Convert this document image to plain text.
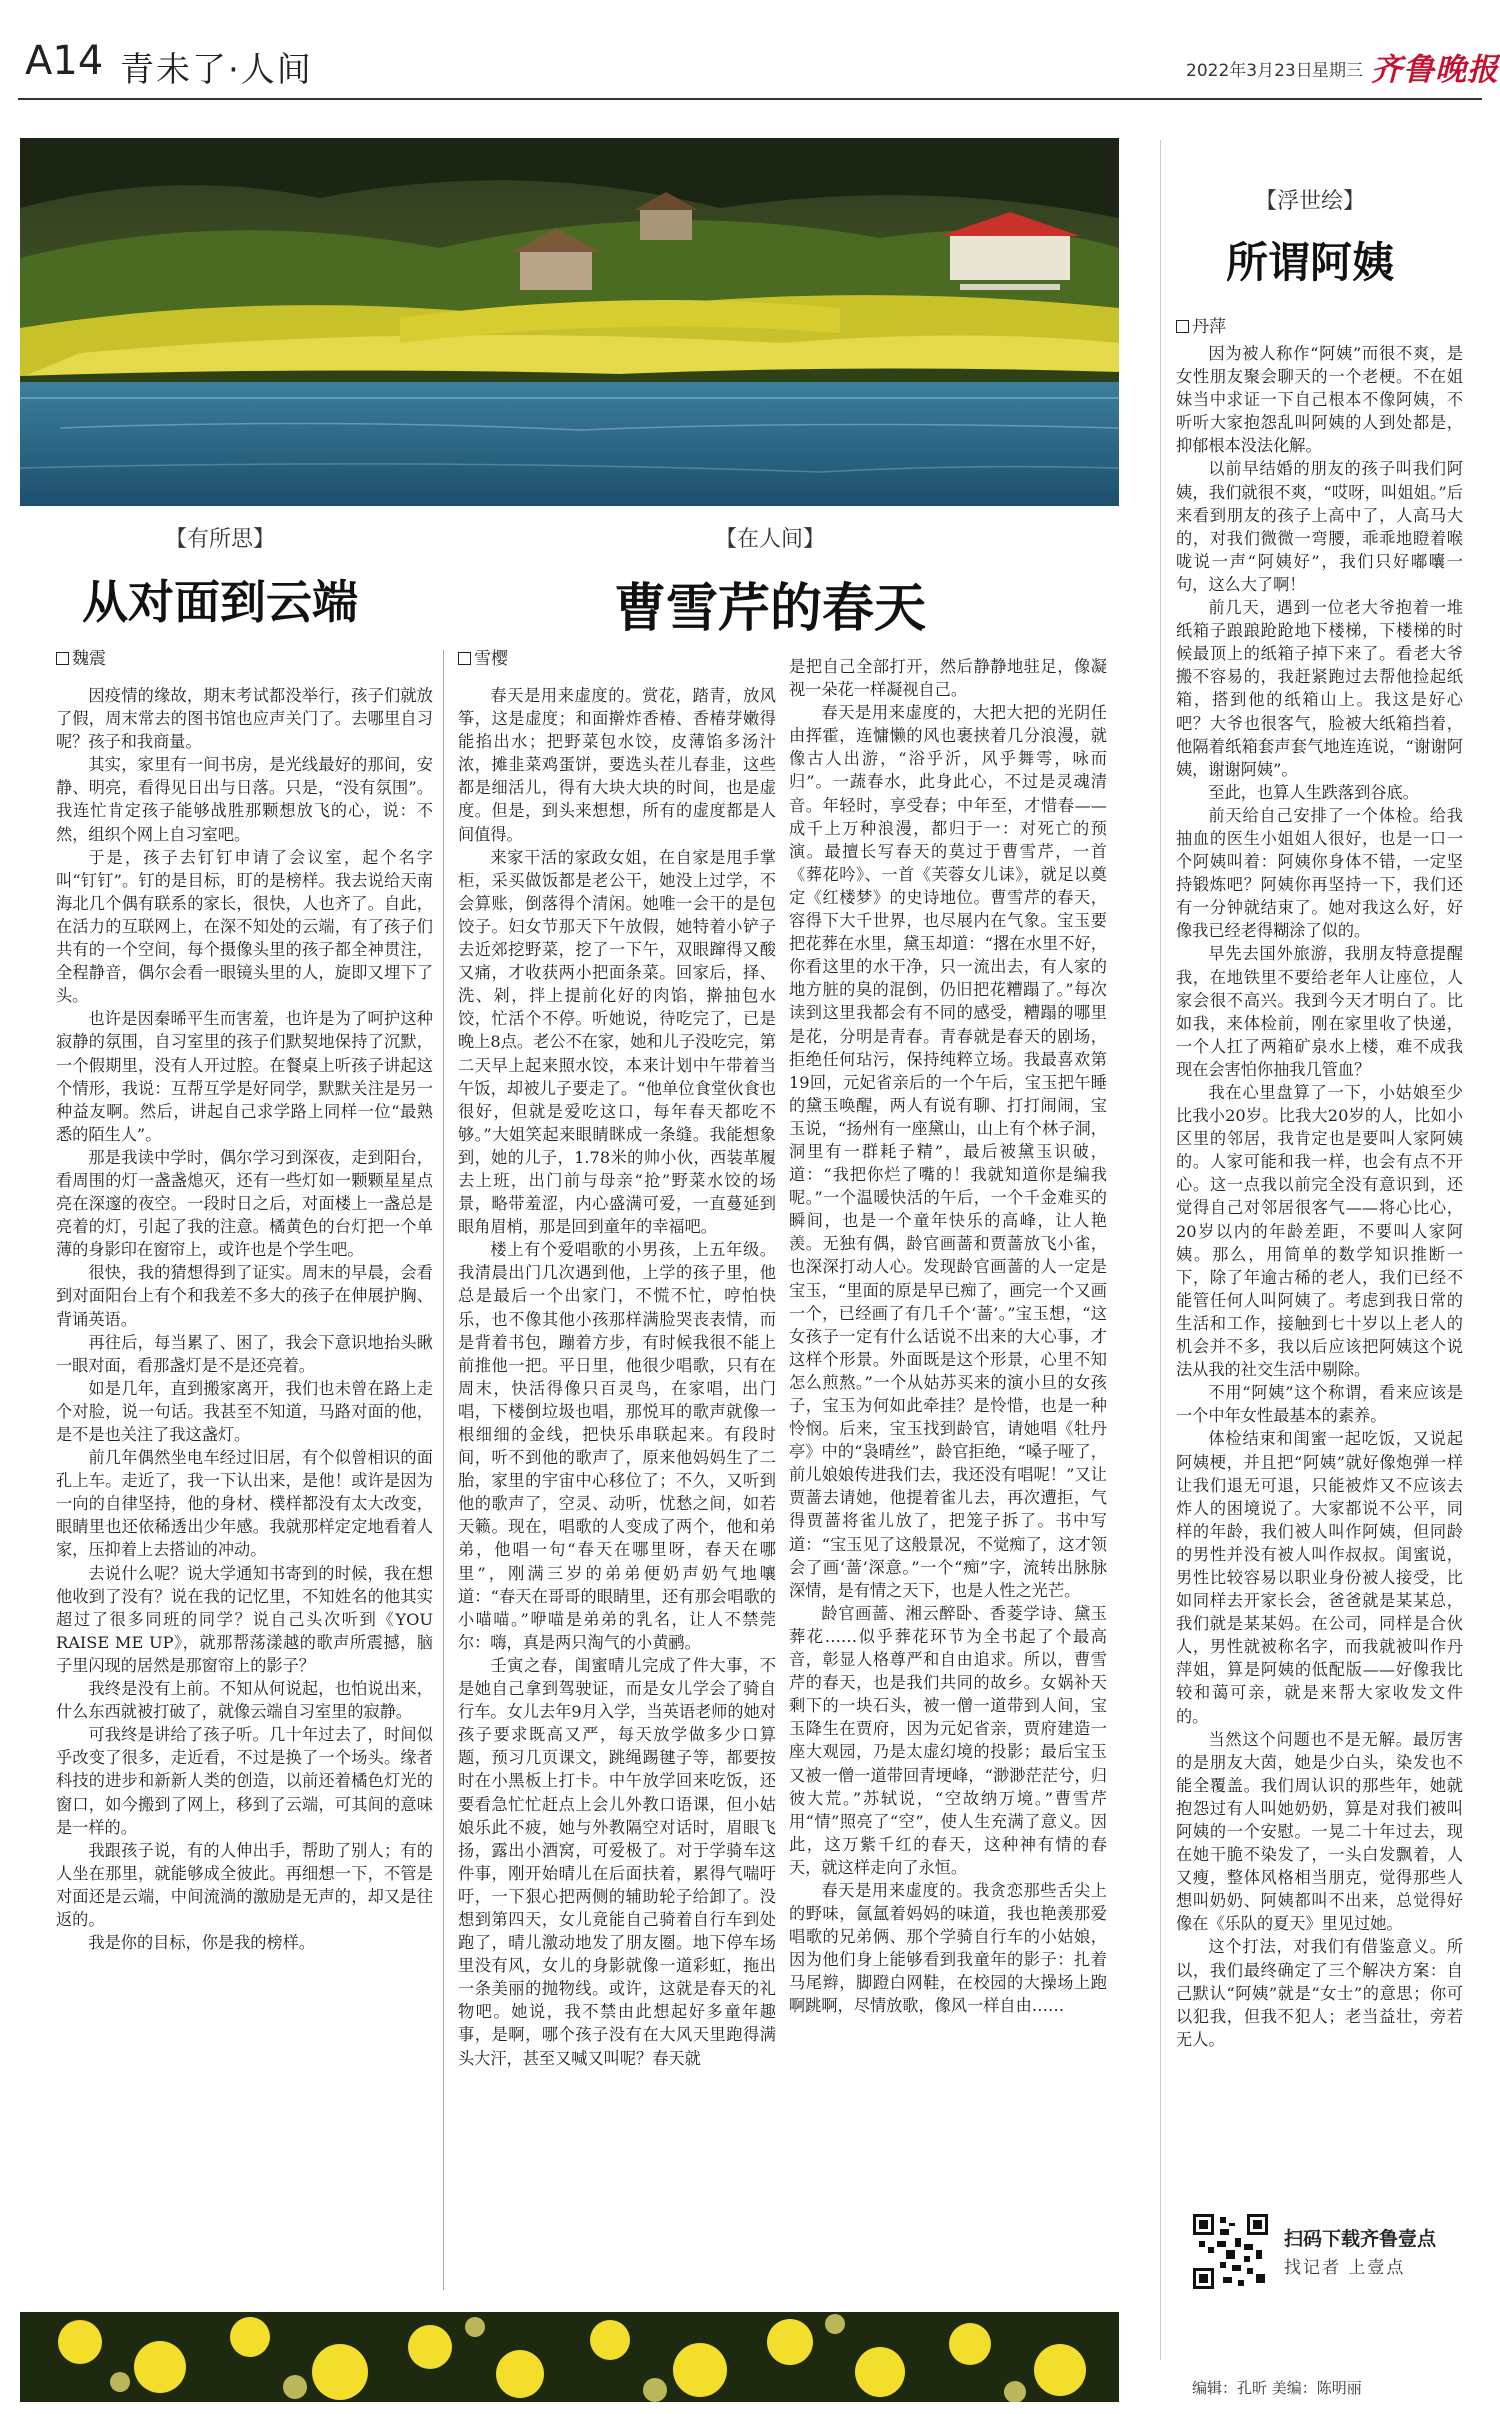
A14 青未了·人间	2022年3月23日 星期三 齐鲁晚报
【有所思】
从对面到云端
魏震

因疫情的缘故，期末考试都没举行，孩子们就放了假，周末常去的图书馆也应声关门了。去哪里自习呢？孩子和我商量。

其实，家里有一间书房，是光线最好的那间，安静、明亮，看得见日出与日落。只是，“没有氛围”。我连忙肯定孩子能够战胜那颗想放飞的心，说：不然，组织个网上自习室吧。

于是，孩子去钉钉申请了会议室，起个名字叫“钉钉”。钉的是目标，盯的是榜样。我去说给天南海北几个偶有联系的家长，很快，人也齐了。自此，在活力的互联网上，在深不知处的云端，有了孩子们共有的一个空间，每个摄像头里的孩子都全神贯注，全程静音，偶尔会看一眼镜头里的人，旋即又埋下了头。

也许是因秦晞平生而害羞，也许是为了呵护这种寂静的氛围，自习室里的孩子们默契地保持了沉默，一个假期里，没有人开过腔。在餐桌上听孩子讲起这个情形，我说：互帮互学是好同学，默默关注是另一种益友啊。然后，讲起自己求学路上同样一位“最熟悉的陌生人”。

那是我读中学时，偶尔学习到深夜，走到阳台，看周围的灯一盏盏熄灭，还有一些灯如一颗颗星星点亮在深邃的夜空。一段时日之后，对面楼上一盏总是亮着的灯，引起了我的注意。橘黄色的台灯把一个单薄的身影印在窗帘上，或许也是个学生吧。

很快，我的猜想得到了证实。周末的早晨，会看到对面阳台上有个和我差不多大的孩子在伸展护胸、背诵英语。

再往后，每当累了、困了，我会下意识地抬头瞅一眼对面，看那盏灯是不是还亮着。

如是几年，直到搬家离开，我们也未曾在路上走个对脸，说一句话。我甚至不知道，马路对面的他，是不是也关注了我这盏灯。

前几年偶然坐电车经过旧居，有个似曾相识的面孔上车。走近了，我一下认出来，是他！或许是因为一向的自律坚持，他的身材、樸样都没有太大改变，眼睛里也还依稀透出少年感。我就那样定定地看着人家，压抑着上去搭讪的冲动。

去说什么呢？说大学通知书寄到的时候，我在想他收到了没有？说在我的记忆里，不知姓名的他其实超过了很多同班的同学？说自己头次听到《YOU RAISE ME UP》，就那帮荡漾越的歌声所震撼，脑子里闪现的居然是那窗帘上的影子？

我终是没有上前。不知从何说起，也怕说出来，什么东西就被打破了，就像云端自习室里的寂静。

可我终是讲给了孩子听。几十年过去了，时间似乎改变了很多，走近看，不过是换了一个场头。缘者科技的进步和新新人类的创造，以前还着橘色灯光的窗口，如今搬到了网上，移到了云端，可其间的意味是一样的。

我跟孩子说，有的人伸出手，帮助了别人；有的人坐在那里，就能够成全彼此。再细想一下，不管是对面还是云端，中间流淌的激励是无声的，却又是往返的。

我是你的目标，你是我的榜样。

【在人间】
曹雪芹的春天
雪樱

春天是用来虚度的。赏花，踏青，放风筝，这是虚度；和面擀炸香椿、香椿芽嫩得能掐出水；把野菜包水饺，皮薄馅多汤汁浓，摊韭菜鸡蛋饼，要选头茬儿春韭，这些都是细活儿，得有大块大块的时间，也是虚度。但是，到头来想想，所有的虚度都是人间值得。

来家干活的家政女姐，在自家是甩手掌柜，采买做饭都是老公干，她没上过学，不会算账，倒落得个清闲。她唯一会干的是包饺子。妇女节那天下午放假，她特着小铲子去近郊挖野菜，挖了一下午，双眼蹿得又酸又痛，才收获两小把面条菜。回家后，择、洗、剁，拌上提前化好的肉馅，擀抽包水饺，忙活个不停。听她说，待吃完了，已是晚上8点。老公不在家，她和儿子没吃完，第二天早上起来照水饺，本来计划中午带着当午饭，却被儿子要走了。“他单位食堂伙食也很好，但就是爱吃这口，每年春天都吃不够。”大姐笑起来眼睛眯成一条缝。我能想象到，她的儿子，1.78米的帅小伙，西装革履去上班，出门前与母亲“抢”野菜水饺的场景，略带羞涩，内心盛满可爱，一直蔓延到眼角眉梢，那是回到童年的幸福吧。

楼上有个爱唱歌的小男孩，上五年级。我清晨出门几次遇到他，上学的孩子里，他总是最后一个出家门，不慌不忙，哼怕快乐，也不像其他小孩那样满脸哭丧表情，而是背着书包，蹦着方步，有时候我很不能上前推他一把。平日里，他很少唱歌，只有在周末，快活得像只百灵鸟，在家唱，出门唱，下楼倒垃圾也唱，那悦耳的歌声就像一根细细的金线，把快乐串联起来。有段时间，听不到他的歌声了，原来他妈妈生了二胎，家里的宇宙中心移位了；不久，又听到他的歌声了，空灵、动听，忧愁之间，如若天籁。现在，唱歌的人变成了两个，他和弟弟，他唱一句“春天在哪里呀，春天在哪里”，刚满三岁的弟弟便奶声奶气地嚷道：“春天在哥哥的眼睛里，还有那会唱歌的小喵喵。”咿喵是弟弟的乳名，让人不禁莞尔：嗨，真是两只淘气的小黄鹂。

壬寅之春，闺蜜晴儿完成了件大事，不是她自己拿到驾驶证，而是女儿学会了骑自行车。女儿去年9月入学，当英语老师的她对孩子要求既高又严，每天放学做多少口算题，预习几页课文，跳绳踢毽子等，都要按时在小黑板上打卡。中午放学回来吃饭，还要看急忙忙赶点上会儿外教口语课，但小姑娘乐此不疲，她与外教隔空对话时，眉眼飞扬，露出小酒窝，可爱极了。对于学骑车这件事，刚开始晴儿在后面扶着，累得气喘吁吁，一下狠心把两侧的辅助轮子给卸了。没想到第四天，女儿竟能自己骑着自行车到处跑了，晴儿激动地发了朋友圈。地下停车场里没有风，女儿的身影就像一道彩虹，拖出一条美丽的抛物线。或许，这就是春天的礼物吧。她说，我不禁由此想起好多童年趣事，是啊，哪个孩子没有在大风天里跑得满头大汗，甚至又喊又叫呢？春天就

是把自己全部打开，然后静静地驻足，像凝视一朵花一样凝视自己。

春天是用来虚度的，大把大把的光阴任由挥霍，连慵懒的风也裹挟着几分浪漫，就像古人出游，“浴乎沂，风乎舞雩，咏而归”。一蔬春水，此身此心，不过是灵魂清音。年轻时，享受春；中年至，才惜春——成千上万种浪漫，都归于一：对死亡的预演。最擅长写春天的莫过于曹雪芹，一首《葬花吟》、一首《芙蓉女儿诔》，就足以奠定《红楼梦》的史诗地位。曹雪芹的春天，容得下大千世界，也尽展内在气象。宝玉要把花葬在水里，黛玉却道：“撂在水里不好，你看这里的水干净，只一流出去，有人家的地方脏的臭的混倒，仍旧把花糟蹋了。”每次读到这里我都会有不同的感受，糟蹋的哪里是花，分明是青春。青春就是春天的剧场，拒绝任何玷污，保持纯粹立场。我最喜欢第19回，元妃省亲后的一个午后，宝玉把午睡的黛玉唤醒，两人有说有聊、打打闹闹，宝玉说，“扬州有一座黛山，山上有个林子洞，洞里有一群耗子精”，最后被黛玉识破，道：“我把你烂了嘴的！我就知道你是编我呢。”一个温暖快活的午后，一个千金难买的瞬间，也是一个童年快乐的高峰，让人艳羡。无独有偶，龄官画蔷和贾蔷放飞小雀，也深深打动人心。发现龄官画蔷的人一定是宝玉，“里面的原是早已痴了，画完一个又画一个，已经画了有几千个‘蔷’。”宝玉想，“这女孩子一定有什么话说不出来的大心事，才这样个形景。外面既是这个形景，心里不知怎么煎熬。”一个从姑苏买来的演小旦的女孩子，宝玉为何如此牵挂？是怜惜，也是一种怜悯。后来，宝玉找到龄官，请她唱《牡丹亭》中的“袅晴丝”，龄官拒绝，“嗓子哑了，前儿娘娘传进我们去，我还没有唱呢！”又让贾蔷去请她，他提着雀儿去，再次遭拒，气得贾蔷将雀儿放了，把笼子拆了。书中写道：“宝玉见了这般景况，不觉痴了，这才领会了画‘蔷’深意。”一个“痴”字，流转出脉脉深情，是有情之天下，也是人性之光芒。

龄官画蔷、湘云醉卧、香菱学诗、黛玉葬花……似乎葬花环节为全书起了个最高音，彰显人格尊严和自由追求。所以，曹雪芹的春天，也是我们共同的故乡。女娲补天剩下的一块石头，被一僧一道带到人间，宝玉降生在贾府，因为元妃省亲，贾府建造一座大观园，乃是太虚幻境的投影；最后宝玉又被一僧一道带回青埂峰，“渺渺茫茫兮，归彼大荒。”苏轼说，“空故纳万境。”曹雪芹用“情”照亮了“空”，使人生充满了意义。因此，这万紫千红的春天，这种神有情的春天，就这样走向了永恒。

春天是用来虚度的。我贪恋那些舌尖上的野味，氤氲着妈妈的味道，我也艳羡那爱唱歌的兄弟俩、那个学骑自行车的小姑娘，因为他们身上能够看到我童年的影子：扎着马尾辫，脚蹬白网鞋，在校园的大操场上跑啊跳啊，尽情放歌，像风一样自由……

【浮世绘】
所谓阿姨
丹萍

因为被人称作“阿姨”而很不爽，是女性朋友聚会聊天的一个老梗。不在姐妹当中求证一下自己根本不像阿姨，不听听大家抱怨乱叫阿姨的人到处都是，抑郁根本没法化解。

以前早结婚的朋友的孩子叫我们阿姨，我们就很不爽，“哎呀，叫姐姐。”后来看到朋友的孩子上高中了，人高马大的，对我们微微一弯腰，乖乖地瞪着喉咙说一声“阿姨好”，我们只好嘟囔一句，这么大了啊！

前几天，遇到一位老大爷抱着一堆纸箱子踉踉跄跄地下楼梯，下楼梯的时候最顶上的纸箱子掉下来了。看老大爷搬不容易的，我赶紧跑过去帮他捡起纸箱，搭到他的纸箱山上。我这是好心吧？大爷也很客气，脸被大纸箱挡着，他隔着纸箱套声套气地连连说，“谢谢阿姨，谢谢阿姨”。

至此，也算人生跌落到谷底。

前天给自己安排了一个体检。给我抽血的医生小姐姐人很好，也是一口一个阿姨叫着：阿姨你身体不错，一定坚持锻炼吧？阿姨你再坚持一下，我们还有一分钟就结束了。她对我这么好，好像我已经老得糊涂了似的。

早先去国外旅游，我朋友特意提醒我，在地铁里不要给老年人让座位，人家会很不高兴。我到今天才明白了。比如我，来体检前，刚在家里收了快递，一个人扛了两箱矿泉水上楼，难不成我现在会害怕你抽我几管血？

我在心里盘算了一下，小姑娘至少比我小20岁。比我大20岁的人，比如小区里的邻居，我肯定也是要叫人家阿姨的。人家可能和我一样，也会有点不开心。这一点我以前完全没有意识到，还觉得自己对邻居很客气——将心比心，20岁以内的年龄差距，不要叫人家阿姨。那么，用简单的数学知识推断一下，除了年逾古稀的老人，我们已经不能管任何人叫阿姨了。考虑到我日常的生活和工作，接触到七十岁以上老人的机会并不多，我以后应该把阿姨这个说法从我的社交生活中剔除。

不用“阿姨”这个称谓，看来应该是一个中年女性最基本的素养。

体检结束和闺蜜一起吃饭，又说起阿姨梗，并且把“阿姨”就好像炮弹一样让我们退无可退，只能被炸又不应该去炸人的困境说了。大家都说不公平，同样的年龄，我们被人叫作阿姨，但同龄的男性并没有被人叫作叔叔。闺蜜说，男性比较容易以职业身份被人接受，比如同样去开家长会，爸爸就是某某总，我们就是某某妈。在公司，同样是合伙人，男性就被称名字，而我就被叫作丹萍姐，算是阿姨的低配版——好像我比较和蔼可亲，就是来帮大家收发文件的。

当然这个问题也不是无解。最厉害的是朋友大茵，她是少白头，染发也不能全覆盖。我们周认识的那些年，她就抱怨过有人叫她奶奶，算是对我们被叫阿姨的一个安慰。一晃二十年过去，现在她干脆不染发了，一头白发飘着，人又瘦，整体风格相当朋克，觉得那些人想叫奶奶、阿姨都叫不出来，总觉得好像在《乐队的夏天》里见过她。

这个打法，对我们有借鉴意义。所以，我们最终确定了三个解决方案：自己默认“阿姨”就是“女士”的意思；你可以犯我，但我不犯人；老当益壮，旁若无人。

扫码下载齐鲁壹点
找记者 上壹点
编辑：孔昕 美编：陈明丽
